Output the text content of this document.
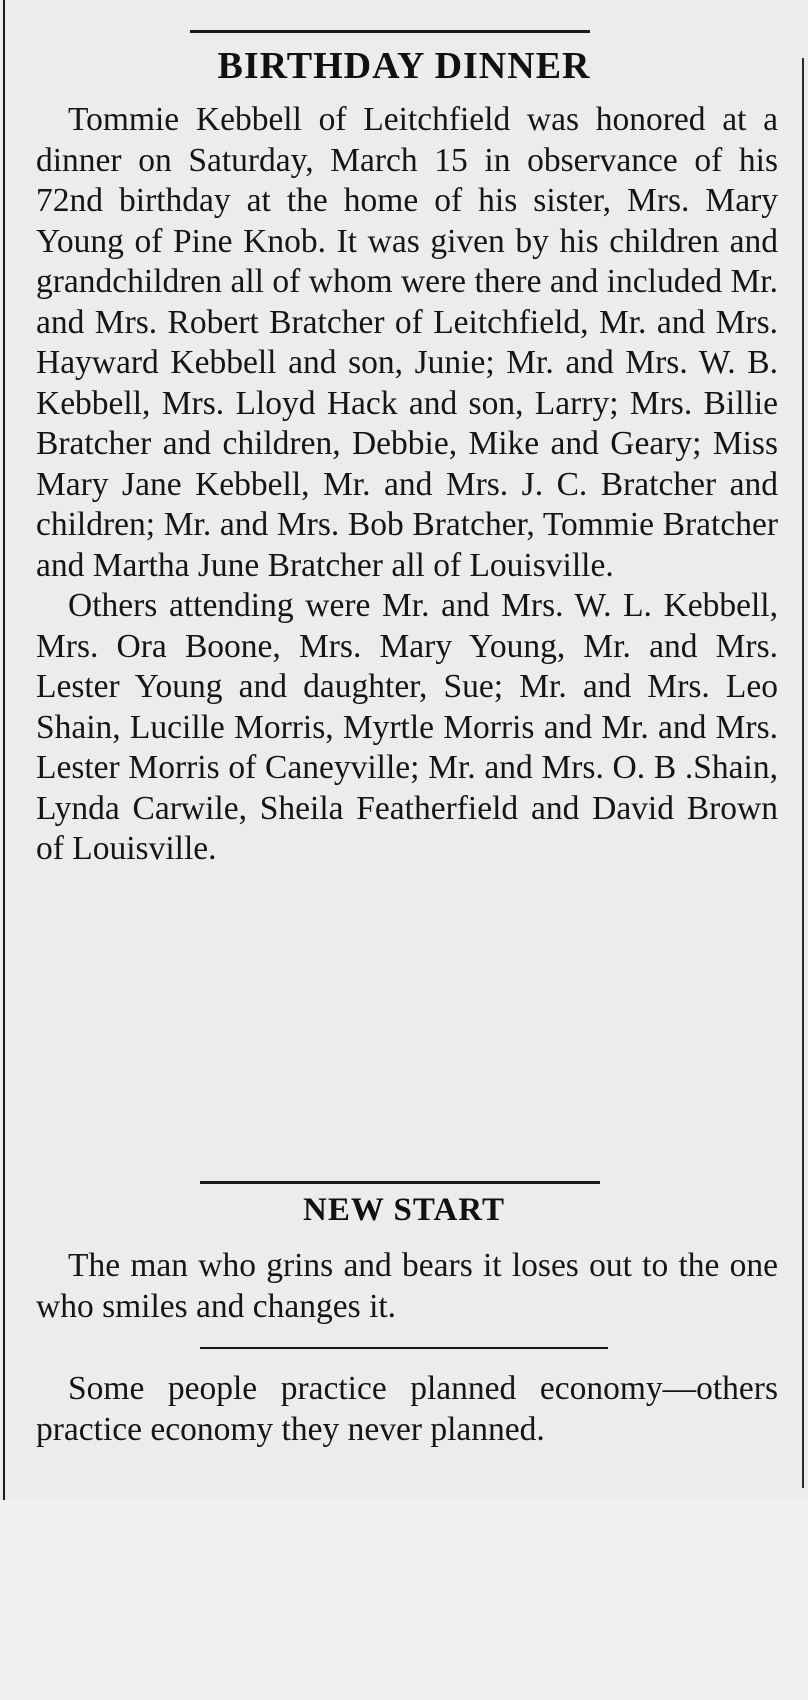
BIRTHDAY DINNER

Tommie Kebbell of Leitchfield was honored at a dinner on Saturday, March 15 in observance of his 72nd birthday at the home of his sister, Mrs. Mary Young of Pine Knob. It was given by his children and grandchildren all of whom were there and included Mr. and Mrs. Robert Bratcher of Leitchfield, Mr. and Mrs. Hayward Kebbell and son, Junie; Mr. and Mrs. W. B. Kebbell, Mrs. Lloyd Hack and son, Larry; Mrs. Billie Bratcher and children, Debbie, Mike and Geary; Miss Mary Jane Kebbell, Mr. and Mrs. J. C. Bratcher and children; Mr. and Mrs. Bob Bratcher, Tommie Bratcher and Martha June Bratcher all of Louisville.

Others attending were Mr. and Mrs. W. L. Kebbell, Mrs. Ora Boone, Mrs. Mary Young, Mr. and Mrs. Lester Young and daughter, Sue; Mr. and Mrs. Leo Shain, Lucille Morris, Myrtle Morris and Mr. and Mrs. Lester Morris of Caneyville; Mr. and Mrs. O. B .Shain, Lynda Carwile, Sheila Featherfield and David Brown of Louisville.

NEW START

The man who grins and bears it loses out to the one who smiles and changes it.

Some people practice planned economy—others practice economy they never planned.
